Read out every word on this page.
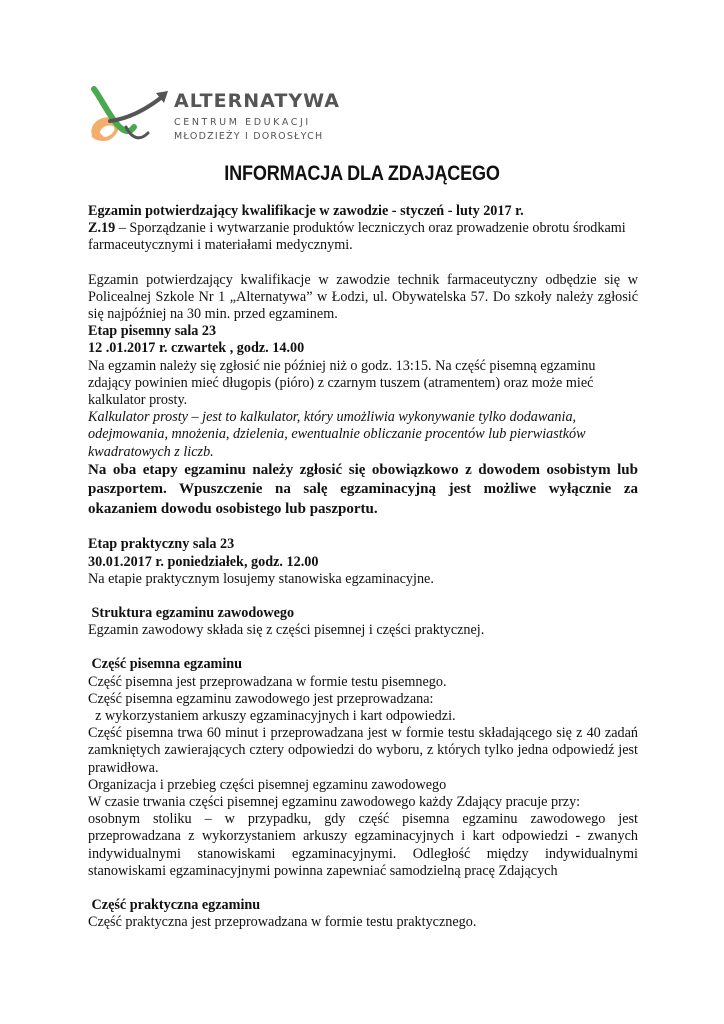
ALTERNATYWA
CENTRUM EDUKACJI
MŁODZIEŻY I DOROSŁYCH
INFORMACJA DLA ZDAJĄCEGO

Egzamin potwierdzający kwalifikacje w zawodzie - styczeń - luty 2017 r.

Z.19 – Sporządzanie i wytwarzanie produktów leczniczych oraz prowadzenie obrotu środkami farmaceutycznymi i materiałami medycznymi.

Egzamin potwierdzający kwalifikacje w zawodzie technik farmaceutyczny odbędzie się w Policealnej Szkole Nr 1 „Alternatywa” w Łodzi, ul. Obywatelska 57. Do szkoły należy zgłosić się najpóźniej na 30 min. przed egzaminem.

Etap pisemny sala 23

12 .01.2017 r. czwartek , godz. 14.00

Na egzamin należy się zgłosić nie później niż o godz. 13:15. Na część pisemną egzaminu zdający powinien mieć długopis (pióro) z czarnym tuszem (atramentem) oraz może mieć kalkulator prosty.

Kalkulator prosty – jest to kalkulator, który umożliwia wykonywanie tylko dodawania, odejmowania, mnożenia, dzielenia, ewentualnie obliczanie procentów lub pierwiastków kwadratowych z liczb.

Na oba etapy egzaminu należy zgłosić się obowiązkowo z dowodem osobistym lub paszportem. Wpuszczenie na salę egzaminacyjną jest możliwe wyłącznie za okazaniem dowodu osobistego lub paszportu.

Etap praktyczny sala 23

30.01.2017 r. poniedziałek, godz. 12.00

Na etapie praktycznym losujemy stanowiska egzaminacyjne.

Struktura egzaminu zawodowego

Egzamin zawodowy składa się z części pisemnej i części praktycznej.

Część pisemna egzaminu

Część pisemna jest przeprowadzana w formie testu pisemnego.

Część pisemna egzaminu zawodowego jest przeprowadzana:

z wykorzystaniem arkuszy egzaminacyjnych i kart odpowiedzi.

Część pisemna trwa 60 minut i przeprowadzana jest w formie testu składającego się z 40 zadań zamkniętych zawierających cztery odpowiedzi do wyboru, z których tylko jedna odpowiedź jest prawidłowa.

Organizacja i przebieg części pisemnej egzaminu zawodowego

W czasie trwania części pisemnej egzaminu zawodowego każdy Zdający pracuje przy:

osobnym stoliku – w przypadku, gdy część pisemna egzaminu zawodowego jest przeprowadzana z wykorzystaniem arkuszy egzaminacyjnych i kart odpowiedzi - zwanych indywidualnymi stanowiskami egzaminacyjnymi. Odległość między indywidualnymi stanowiskami egzaminacyjnymi powinna zapewniać samodzielną pracę Zdających

Część praktyczna egzaminu

Część praktyczna jest przeprowadzana w formie testu praktycznego.
